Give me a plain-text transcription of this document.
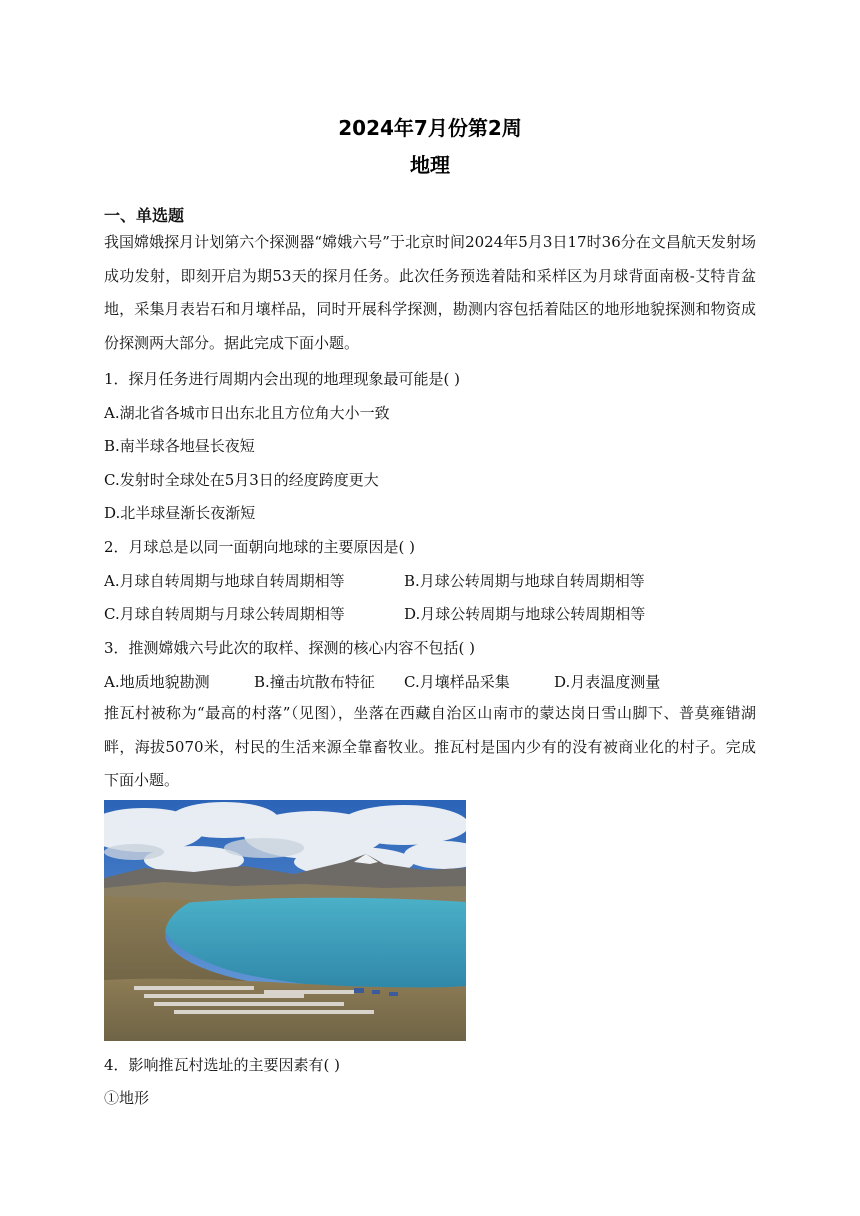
2024年7月份第2周
地理
一、单选题
我国嫦娥探月计划第六个探测器“嫦娥六号”于北京时间2024年5月3日17时36分在文昌航天发射场成功发射，即刻开启为期53天的探月任务。此次任务预选着陆和采样区为月球背面南极-艾特肯盆地，采集月表岩石和月壤样品，同时开展科学探测，勘测内容包括着陆区的地形地貌探测和物资成份探测两大部分。据此完成下面小题。
1．探月任务进行周期内会出现的地理现象最可能是( )
A.湖北省各城市日出东北且方位角大小一致
B.南半球各地昼长夜短
C.发射时全球处在5月3日的经度跨度更大
D.北半球昼渐长夜渐短
2．月球总是以同一面朝向地球的主要原因是( )
A.月球自转周期与地球自转周期相等	B.月球公转周期与地球自转周期相等
C.月球自转周期与月球公转周期相等	D.月球公转周期与地球公转周期相等
3．推测嫦娥六号此次的取样、探测的核心内容不包括( )
A.地质地貌勘测	B.撞击坑散布特征 C.月壤样品采集	D.月表温度测量
推瓦村被称为“最高的村落”（见图），坐落在西藏自治区山南市的蒙达岗日雪山脚下、普莫雍错湖畔，海拔5070米，村民的生活来源全靠畜牧业。推瓦村是国内少有的没有被商业化的村子。完成下面小题。
4．影响推瓦村选址的主要因素有( )
①地形
